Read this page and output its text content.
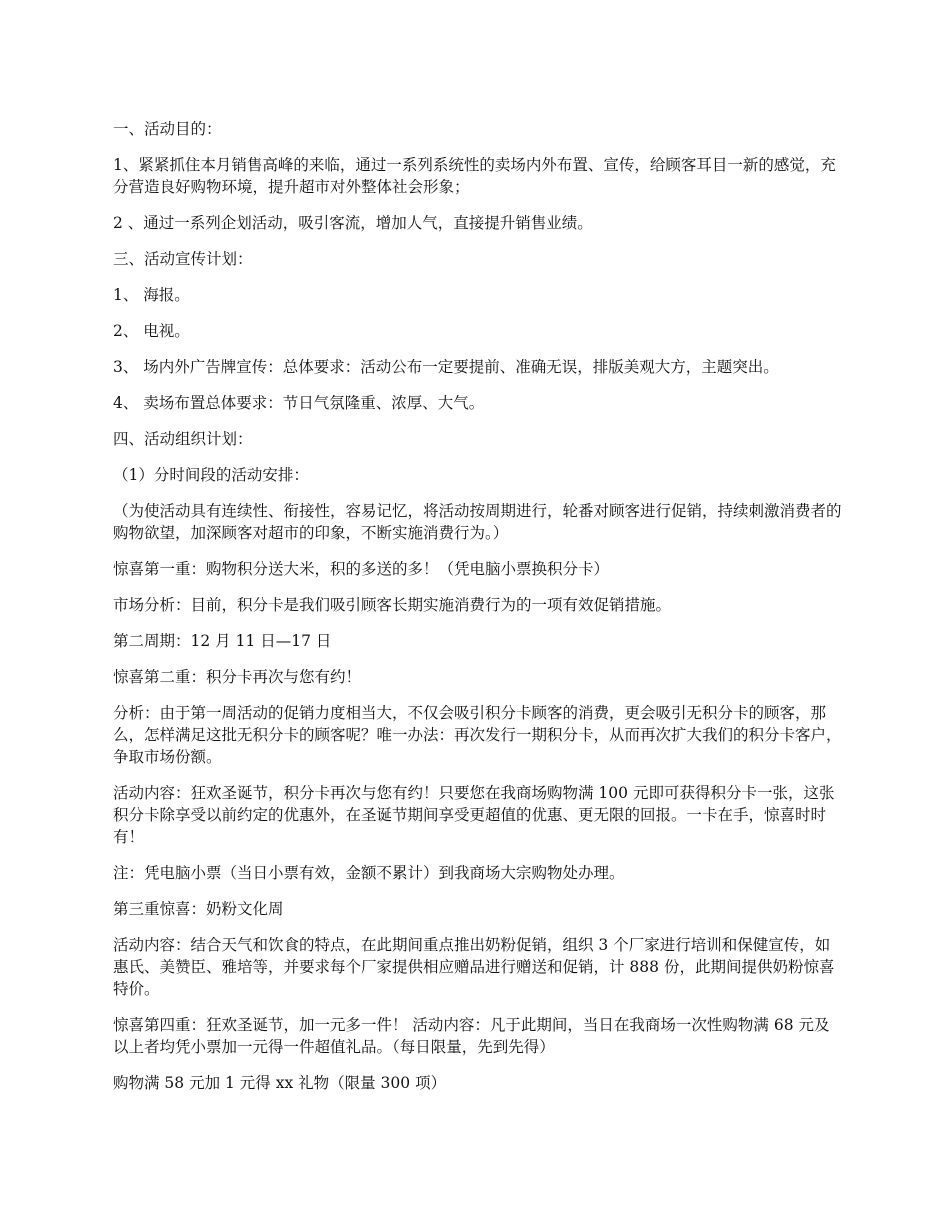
一、活动目的：

1、紧紧抓住本月销售高峰的来临，通过一系列系统性的卖场内外布置、宣传，给顾客耳目一新的感觉，充分营造良好购物环境，提升超市对外整体社会形象；

2 、通过一系列企划活动，吸引客流，增加人气，直接提升销售业绩。

三、活动宣传计划：

1、 海报。

2、 电视。

3、 场内外广告牌宣传：总体要求：活动公布一定要提前、准确无误，排版美观大方，主题突出。

4、 卖场布置总体要求：节日气氛隆重、浓厚、大气。

四、活动组织计划：

（1）分时间段的活动安排：

（为使活动具有连续性、衔接性，容易记忆，将活动按周期进行，轮番对顾客进行促销，持续刺激消费者的购物欲望，加深顾客对超市的印象，不断实施消费行为。）

惊喜第一重：购物积分送大米，积的多送的多！（凭电脑小票换积分卡）

市场分析：目前，积分卡是我们吸引顾客长期实施消费行为的一项有效促销措施。

第二周期：12 月 11 日—17 日

惊喜第二重：积分卡再次与您有约！

分析：由于第一周活动的促销力度相当大，不仅会吸引积分卡顾客的消费，更会吸引无积分卡的顾客，那么，怎样满足这批无积分卡的顾客呢？唯一办法：再次发行一期积分卡，从而再次扩大我们的积分卡客户，争取市场份额。

活动内容：狂欢圣诞节，积分卡再次与您有约！只要您在我商场购物满 100 元即可获得积分卡一张，这张积分卡除享受以前约定的优惠外，在圣诞节期间享受更超值的优惠、更无限的回报。一卡在手，惊喜时时有！

注：凭电脑小票（当日小票有效，金额不累计）到我商场大宗购物处办理。

第三重惊喜：奶粉文化周

活动内容：结合天气和饮食的特点，在此期间重点推出奶粉促销，组织 3 个厂家进行培训和保健宣传，如惠氏、美赞臣、雅培等，并要求每个厂家提供相应赠品进行赠送和促销，计 888 份，此期间提供奶粉惊喜特价。

惊喜第四重：狂欢圣诞节，加一元多一件！ 活动内容：凡于此期间，当日在我商场一次性购物满 68 元及以上者均凭小票加一元得一件超值礼品。（每日限量，先到先得）

购物满 58 元加 1 元得 xx 礼物（限量 300 项）
